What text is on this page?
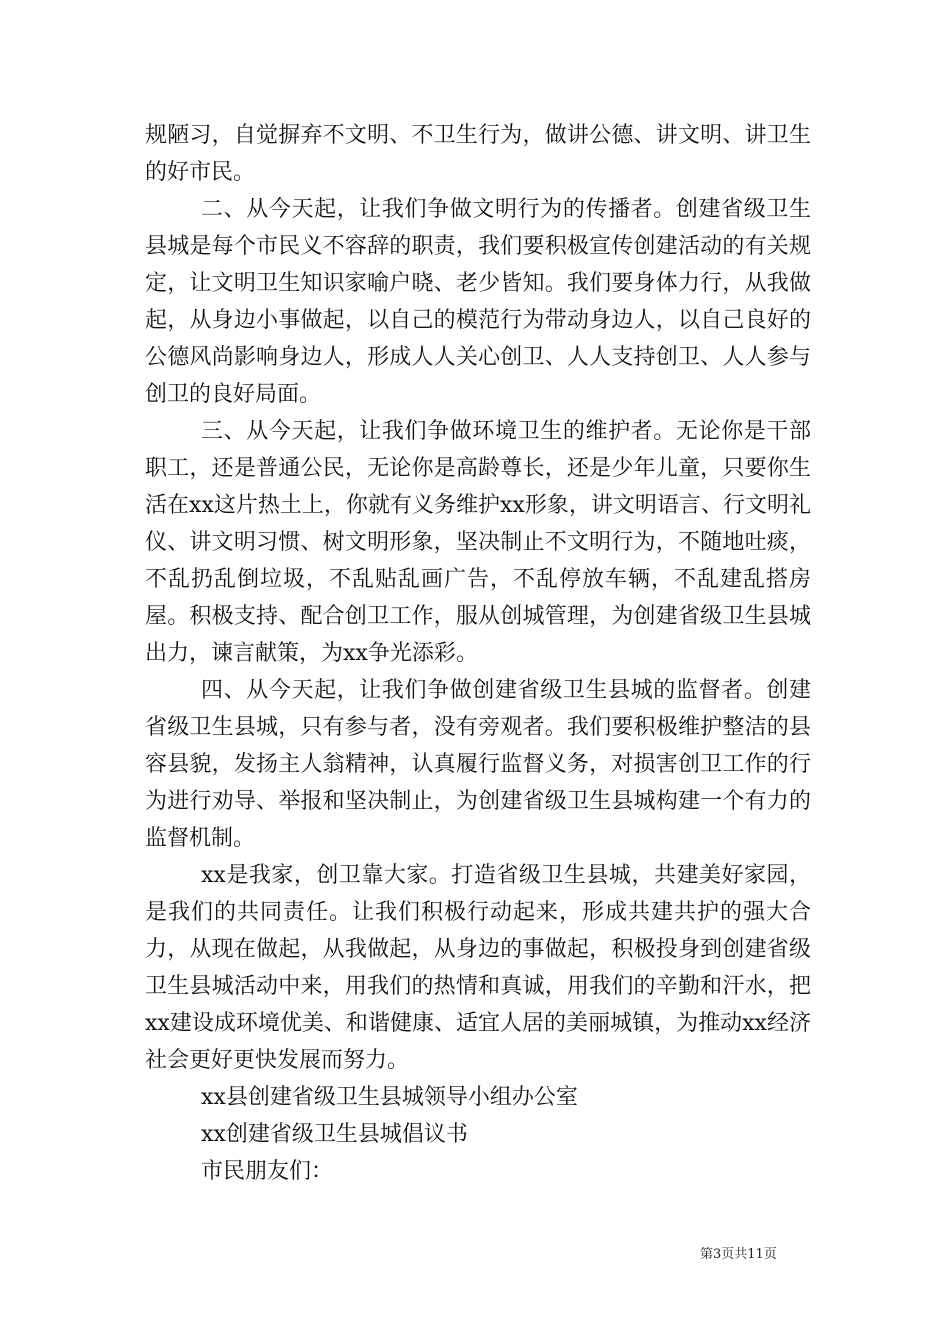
规陋习，自觉摒弃不文明、不卫生行为，做讲公德、讲文明、讲卫生的好市民。

二、从今天起，让我们争做文明行为的传播者。创建省级卫生县城是每个市民义不容辞的职责，我们要积极宣传创建活动的有关规定，让文明卫生知识家喻户晓、老少皆知。我们要身体力行，从我做起，从身边小事做起，以自己的模范行为带动身边人，以自己良好的公德风尚影响身边人，形成人人关心创卫、人人支持创卫、人人参与创卫的良好局面。

三、从今天起，让我们争做环境卫生的维护者。无论你是干部职工，还是普通公民，无论你是高龄尊长，还是少年儿童，只要你生活在xx这片热土上，你就有义务维护xx形象，讲文明语言、行文明礼仪、讲文明习惯、树文明形象，坚决制止不文明行为，不随地吐痰，不乱扔乱倒垃圾，不乱贴乱画广告，不乱停放车辆，不乱建乱搭房屋。积极支持、配合创卫工作，服从创城管理，为创建省级卫生县城出力，谏言献策，为xx争光添彩。

四、从今天起，让我们争做创建省级卫生县城的监督者。创建省级卫生县城，只有参与者，没有旁观者。我们要积极维护整洁的县容县貌，发扬主人翁精神，认真履行监督义务，对损害创卫工作的行为进行劝导、举报和坚决制止，为创建省级卫生县城构建一个有力的监督机制。

xx是我家，创卫靠大家。打造省级卫生县城，共建美好家园，是我们的共同责任。让我们积极行动起来，形成共建共护的强大合力，从现在做起，从我做起，从身边的事做起，积极投身到创建省级卫生县城活动中来，用我们的热情和真诚，用我们的辛勤和汗水，把xx建设成环境优美、和谐健康、适宜人居的美丽城镇，为推动xx经济社会更好更快发展而努力。

xx县创建省级卫生县城领导小组办公室

xx创建省级卫生县城倡议书

市民朋友们：

第3页共11页
